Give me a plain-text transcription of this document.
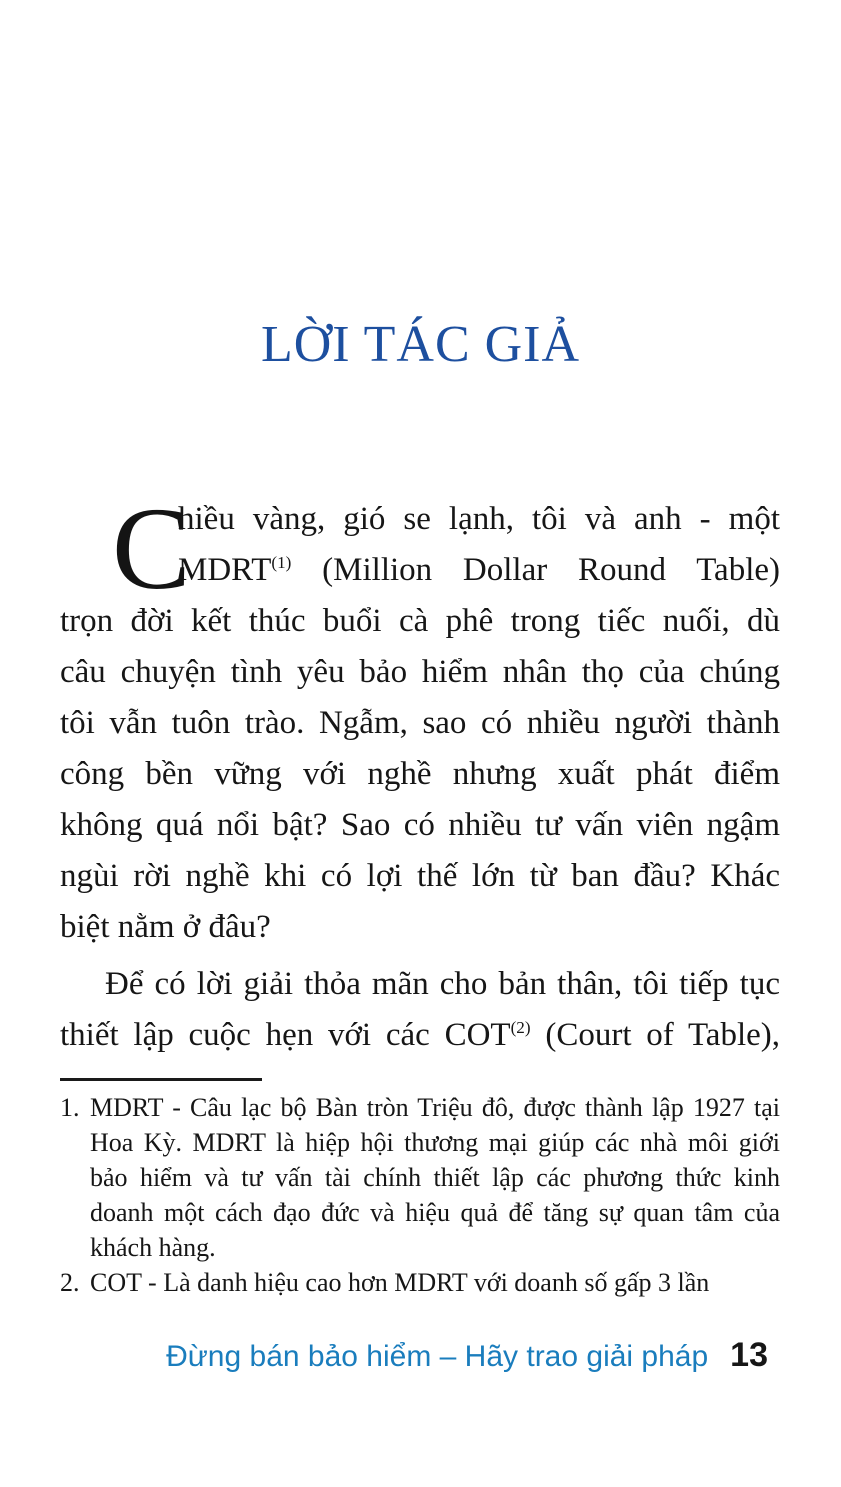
LỜI TÁC GIẢ
C
hiều vàng, gió se lạnh, tôi và anh - một
MDRT$^{(1)}$ (Million Dollar Round Table)
trọn đời kết thúc buổi cà phê trong tiếc nuối, dù
câu chuyện tình yêu bảo hiểm nhân thọ của chúng
tôi vẫn tuôn trào. Ngẫm, sao có nhiều người thành
công bền vững với nghề nhưng xuất phát điểm
không quá nổi bật? Sao có nhiều tư vấn viên ngậm
ngùi rời nghề khi có lợi thế lớn từ ban đầu? Khác
biệt nằm ở đâu?
Để có lời giải thỏa mãn cho bản thân, tôi tiếp tục
thiết lập cuộc hẹn với các COT$^{(2)}$ (Court of Table),
1. MDRT - Câu lạc bộ Bàn tròn Triệu đô, được thành lập 1927 tại
Hoa Kỳ. MDRT là hiệp hội thương mại giúp các nhà môi giới
bảo hiểm và tư vấn tài chính thiết lập các phương thức kinh
doanh một cách đạo đức và hiệu quả để tăng sự quan tâm của
khách hàng.
2. COT - Là danh hiệu cao hơn MDRT với doanh số gấp 3 lần
Đừng bán bảo hiểm – Hãy trao giải pháp 13
